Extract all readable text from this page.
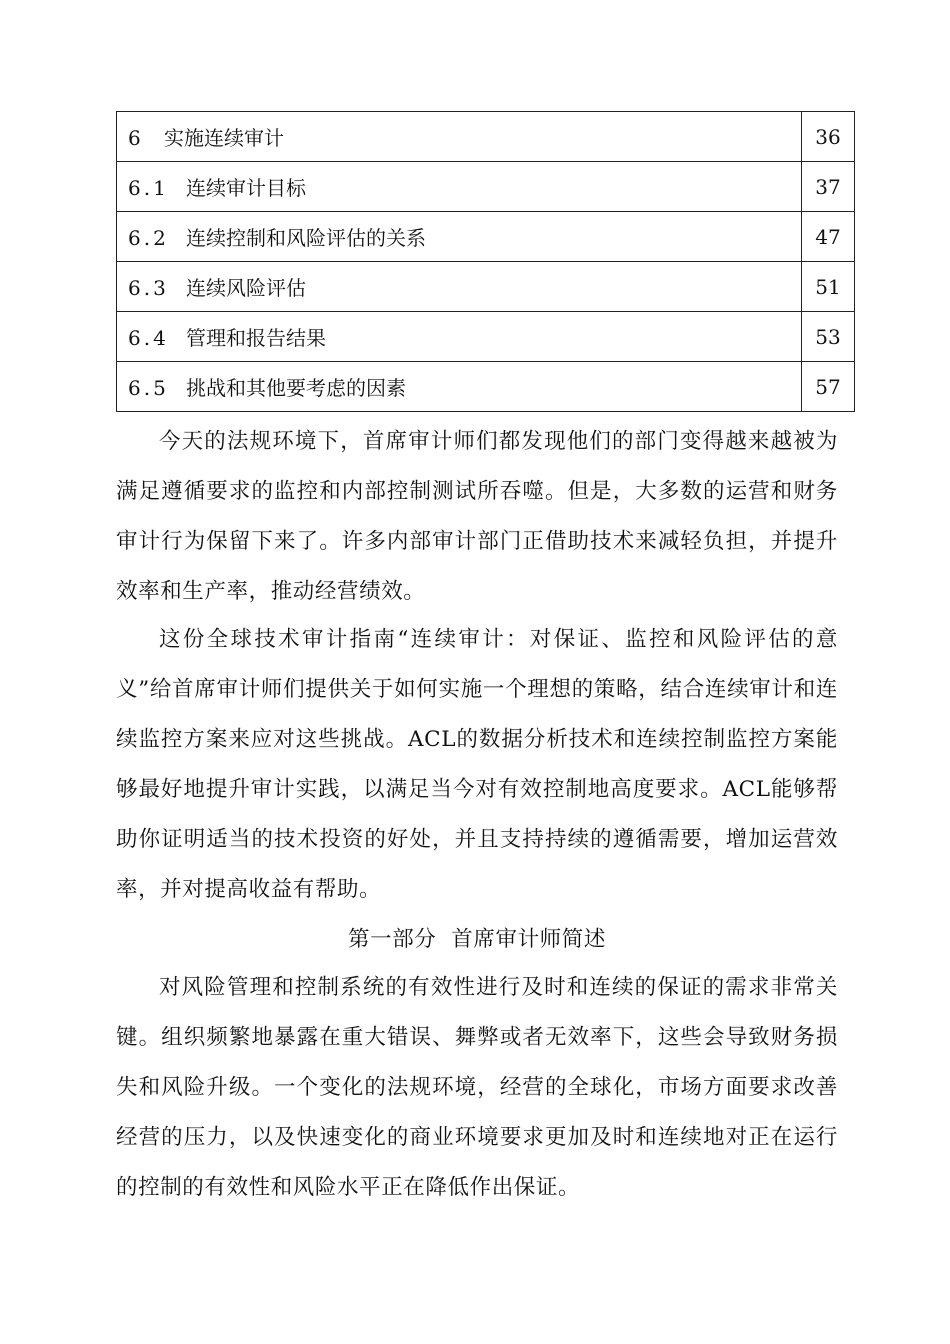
6 实施连续审计	36
6.1 连续审计目标	37
6.2 连续控制和风险评估的关系	47
6.3 连续风险评估	51
6.4 管理和报告结果	53
6.5 挑战和其他要考虑的因素	57

今天的法规环境下，首席审计师们都发现他们的部门变得越来越被为满足遵循要求的监控和内部控制测试所吞噬。但是，大多数的运营和财务审计行为保留下来了。许多内部审计部门正借助技术来减轻负担，并提升效率和生产率，推动经营绩效。

这份全球技术审计指南“连续审计：对保证、监控和风险评估的意义”给首席审计师们提供关于如何实施一个理想的策略，结合连续审计和连续监控方案来应对这些挑战。ACL的数据分析技术和连续控制监控方案能够最好地提升审计实践，以满足当今对有效控制地高度要求。ACL能够帮助你证明适当的技术投资的好处，并且支持持续的遵循需要，增加运营效率，并对提高收益有帮助。

第一部分  首席审计师简述

对风险管理和控制系统的有效性进行及时和连续的保证的需求非常关键。组织频繁地暴露在重大错误、舞弊或者无效率下，这些会导致财务损失和风险升级。一个变化的法规环境，经营的全球化，市场方面要求改善经营的压力，以及快速变化的商业环境要求更加及时和连续地对正在运行的控制的有效性和风险水平正在降低作出保证。
